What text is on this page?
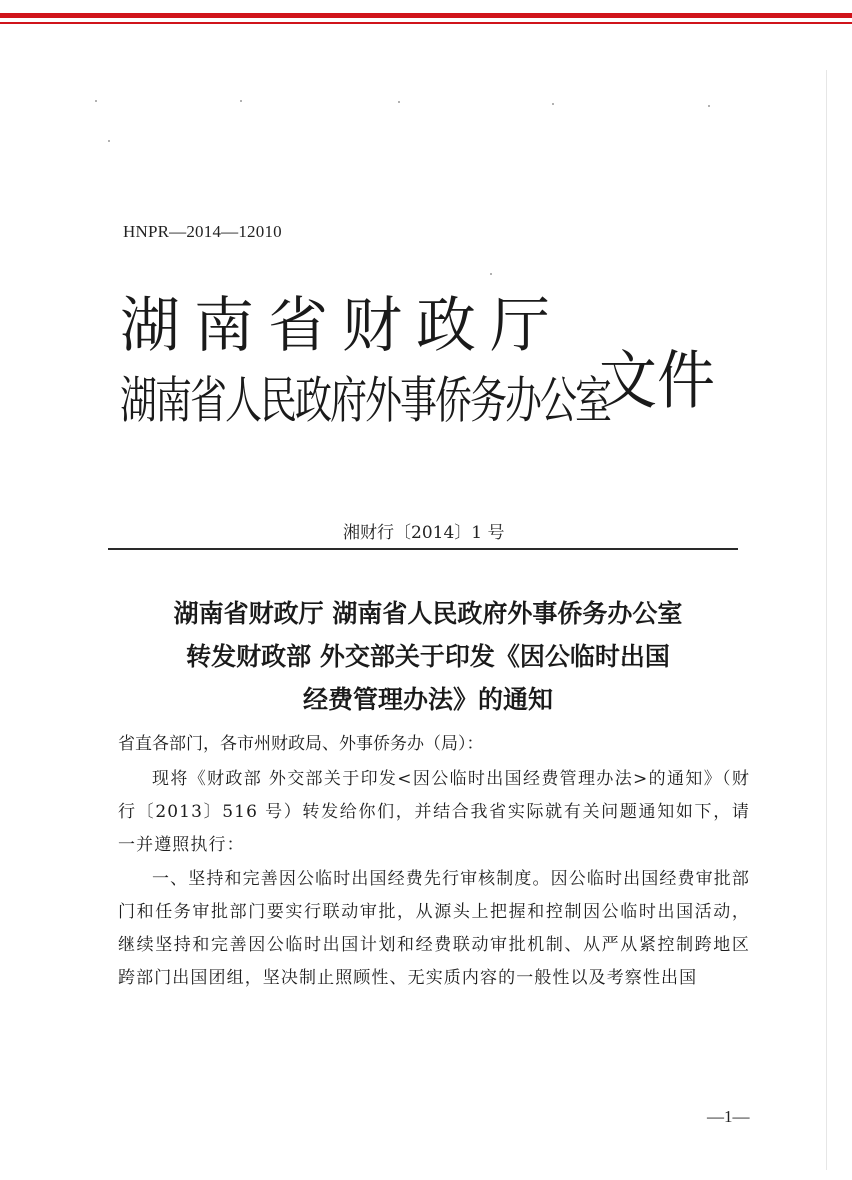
HNPR—2014—12010
湖南省财政厅
湖南省人民政府外事侨务办公室
文件
湘财行〔2014〕1 号
湖南省财政厅 湖南省人民政府外事侨务办公室
转发财政部 外交部关于印发《因公临时出国
经费管理办法》的通知
省直各部门，各市州财政局、外事侨务办（局）：

现将《财政部 外交部关于印发<因公临时出国经费管理办法>的通知》（财行〔2013〕516 号）转发给你们，并结合我省实际就有关问题通知如下，请一并遵照执行：

一、坚持和完善因公临时出国经费先行审核制度。因公临时出国经费审批部门和任务审批部门要实行联动审批，从源头上把握和控制因公临时出国活动，继续坚持和完善因公临时出国计划和经费联动审批机制、从严从紧控制跨地区跨部门出国团组，坚决制止照顾性、无实质内容的一般性以及考察性出国

—1—
